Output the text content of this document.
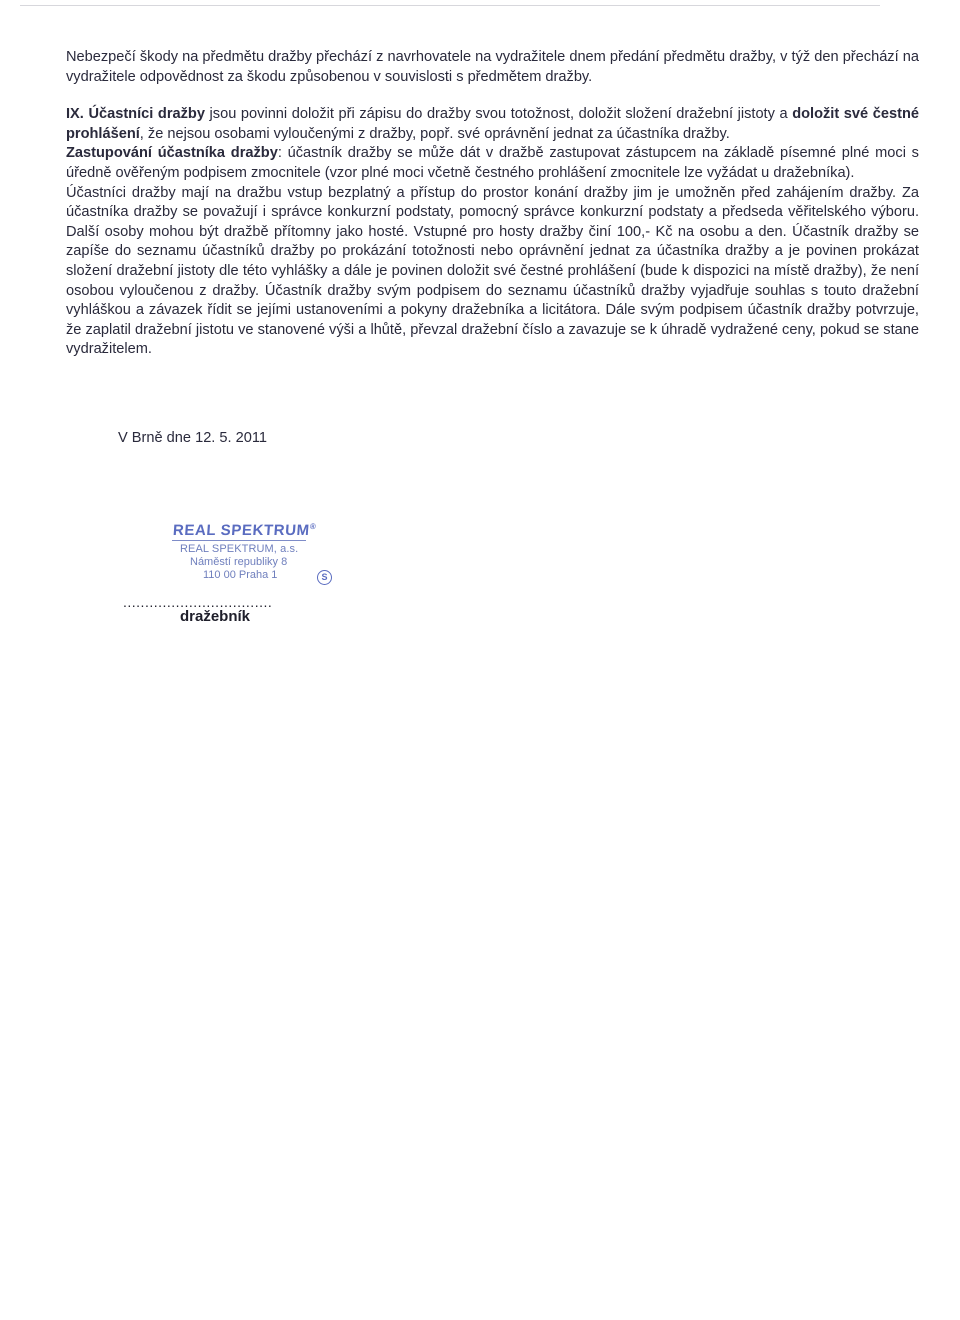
Nebezpečí škody na předmětu dražby přechází z navrhovatele na vydražitele dnem předání předmětu dražby, v týž den přechází na vydražitele odpovědnost za škodu způsobenou v souvislosti s předmětem dražby.

IX. Účastníci dražby jsou povinni doložit při zápisu do dražby svou totožnost, doložit složení dražební jistoty a doložit své čestné prohlášení, že nejsou osobami vyloučenými z dražby, popř. své oprávnění jednat za účastníka dražby.

Zastupování účastníka dražby: účastník dražby se může dát v dražbě zastupovat zástupcem na základě písemné plné moci s úředně ověřeným podpisem zmocnitele (vzor plné moci včetně čestného prohlášení zmocnitele lze vyžádat u dražebníka).

Účastníci dražby mají na dražbu vstup bezplatný a přístup do prostor konání dražby jim je umožněn před zahájením dražby. Za účastníka dražby se považují i správce konkurzní podstaty, pomocný správce konkurzní podstaty a předseda věřitelského výboru. Další osoby mohou být dražbě přítomny jako hosté. Vstupné pro hosty dražby činí 100,- Kč na osobu a den. Účastník dražby se zapíše do seznamu účastníků dražby po prokázání totožnosti nebo oprávnění jednat za účastníka dražby a je povinen prokázat složení dražební jistoty dle této vyhlášky a dále je povinen doložit své čestné prohlášení (bude k dispozici na místě dražby), že není osobou vyloučenou z dražby. Účastník dražby svým podpisem do seznamu účastníků dražby vyjadřuje souhlas s touto dražební vyhláškou a závazek řídit se jejími ustanoveními a pokyny dražebníka a licitátora. Dále svým podpisem účastník dražby potvrzuje, že zaplatil dražební jistotu ve stanovené výši a lhůtě, převzal dražební číslo a zavazuje se k úhradě vydražené ceny, pokud se stane vydražitelem.

V Brně dne 12. 5. 2011
REAL SPEKTRUM®
REAL SPEKTRUM, a.s.
Náměstí republiky 8
110 00 Praha 1	S
..................................
dražebník
